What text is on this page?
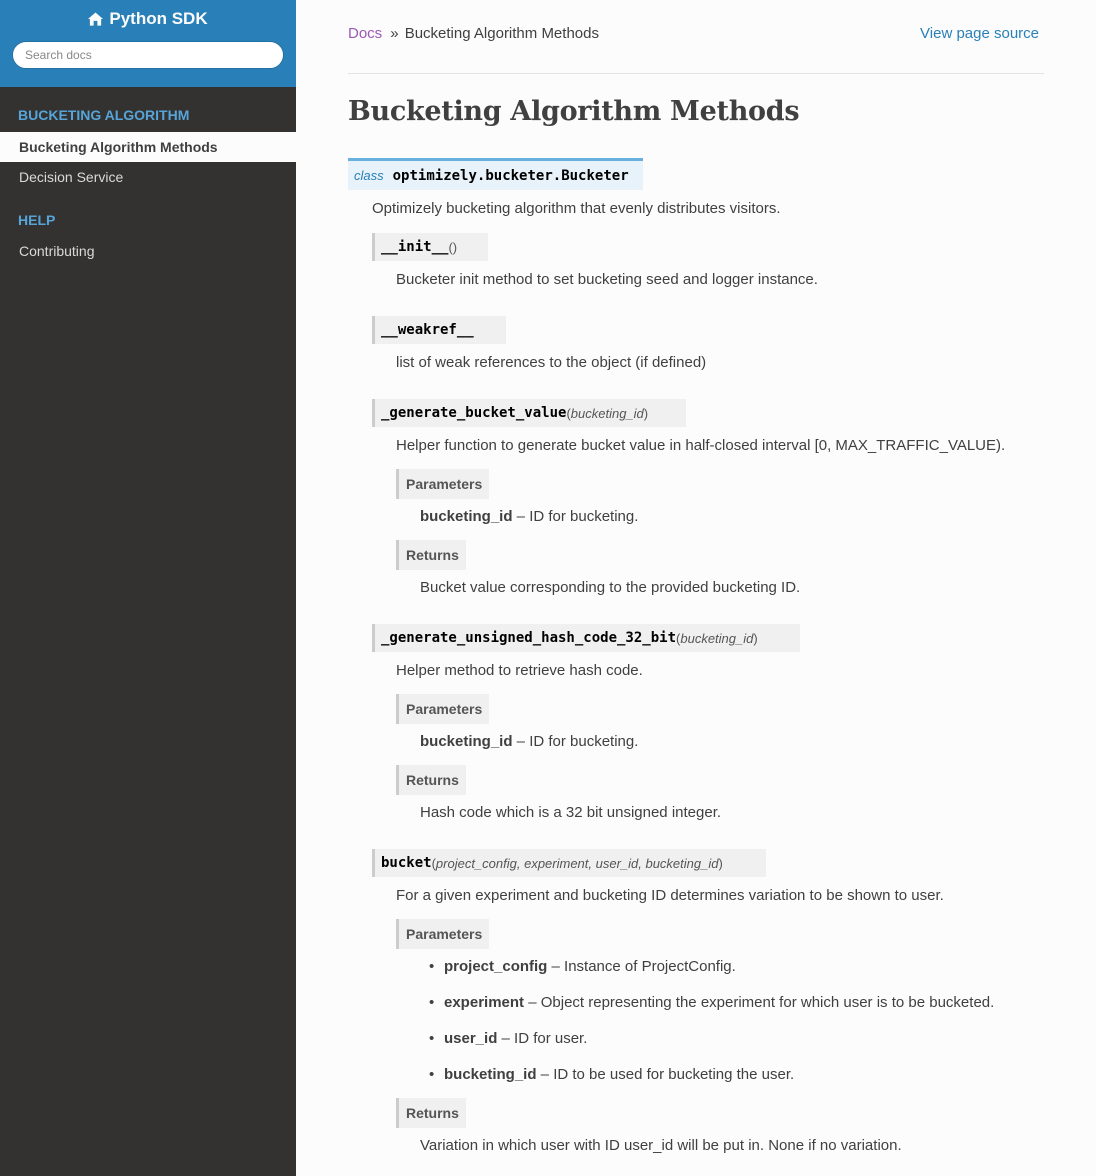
Python SDK
Search docs

BUCKETING ALGORITHM

Bucketing Algorithm Methods
Decision Service

HELP

Contributing
Docs » Bucketing Algorithm Methods	View page source
Bucketing Algorithm Methods
class optimizely.bucketer.Bucketer
Optimizely bucketing algorithm that evenly distributes visitors.
__init__ ( )
Bucketer init method to set bucketing seed and logger instance.
__weakref__
list of weak references to the object (if defined)
_generate_bucket_value ( bucketing_id )
Helper function to generate bucket value in half-closed interval [0, MAX_TRAFFIC_VALUE).
Parameters
bucketing_id – ID for bucketing.
Returns
Bucket value corresponding to the provided bucketing ID.
_generate_unsigned_hash_code_32_bit ( bucketing_id )
Helper method to retrieve hash code.
Parameters
bucketing_id – ID for bucketing.
Returns
Hash code which is a 32 bit unsigned integer.
bucket ( project_config, experiment, user_id, bucketing_id )
For a given experiment and bucketing ID determines variation to be shown to user.
Parameters
• project_config – Instance of ProjectConfig.
• experiment – Object representing the experiment for which user is to be bucketed.
• user_id – ID for user.
• bucketing_id – ID to be used for bucketing the user.
Returns
Variation in which user with ID user_id will be put in. None if no variation.
